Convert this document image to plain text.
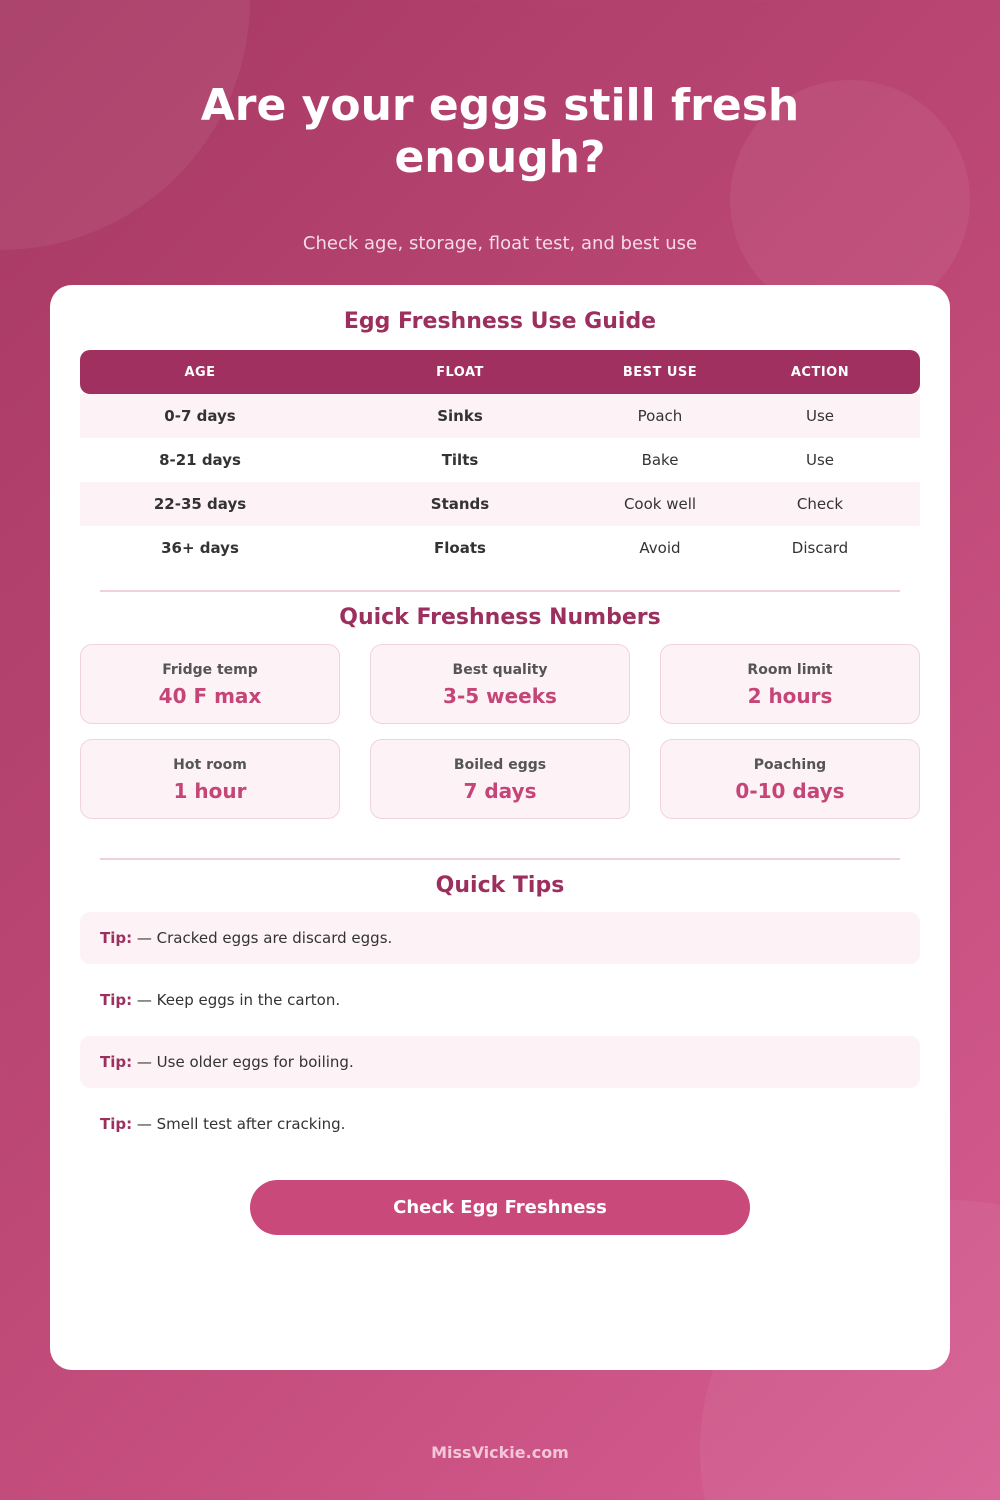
Are your eggs still fresh enough?

Check age, storage, float test, and best use

Egg Freshness Use Guide
AGE	FLOAT	BEST USE	ACTION
0-7 days	Sinks	Poach	Use
8-21 days	Tilts	Bake	Use
22-35 days	Stands	Cook well	Check
36+ days	Floats	Avoid	Discard
Quick Freshness Numbers
Fridge temp
40 F max
Best quality
3-5 weeks
Room limit
2 hours
Hot room
1 hour
Boiled eggs
7 days
Poaching
0-10 days
Quick Tips
Tip: — Cracked eggs are discard eggs.
Tip: — Keep eggs in the carton.
Tip: — Use older eggs for boiling.
Tip: — Smell test after cracking.
Check Egg Freshness
MissVickie.com
